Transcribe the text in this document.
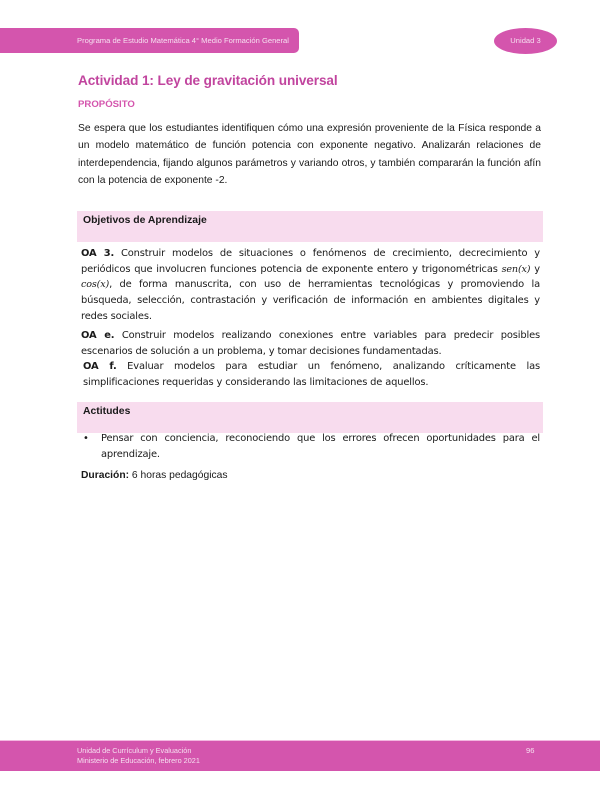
Programa de Estudio Matemática 4° Medio Formación General	Unidad 3
Actividad 1: Ley de gravitación universal
PROPÓSITO

Se espera que los estudiantes identifiquen cómo una expresión proveniente de la Física responde a un modelo matemático de función potencia con exponente negativo. Analizarán relaciones de interdependencia, fijando algunos parámetros y variando otros, y también compararán la función afín con la potencia de exponente -2.

Objetivos de Aprendizaje

OA 3. Construir modelos de situaciones o fenómenos de crecimiento, decrecimiento y periódicos que involucren funciones potencia de exponente entero y trigonométricas sen(x) y cos(x), de forma manuscrita, con uso de herramientas tecnológicas y promoviendo la búsqueda, selección, contrastación y verificación de información en ambientes digitales y redes sociales.

OA e. Construir modelos realizando conexiones entre variables para predecir posibles escenarios de solución a un problema, y tomar decisiones fundamentadas.

OA f. Evaluar modelos para estudiar un fenómeno, analizando críticamente las simplificaciones requeridas y considerando las limitaciones de aquellos.

Actitudes
• Pensar con conciencia, reconociendo que los errores ofrecen oportunidades para el aprendizaje.

Duración: 6 horas pedagógicas

Unidad de Currículum y Evaluación
Ministerio de Educación, febrero 2021
96
